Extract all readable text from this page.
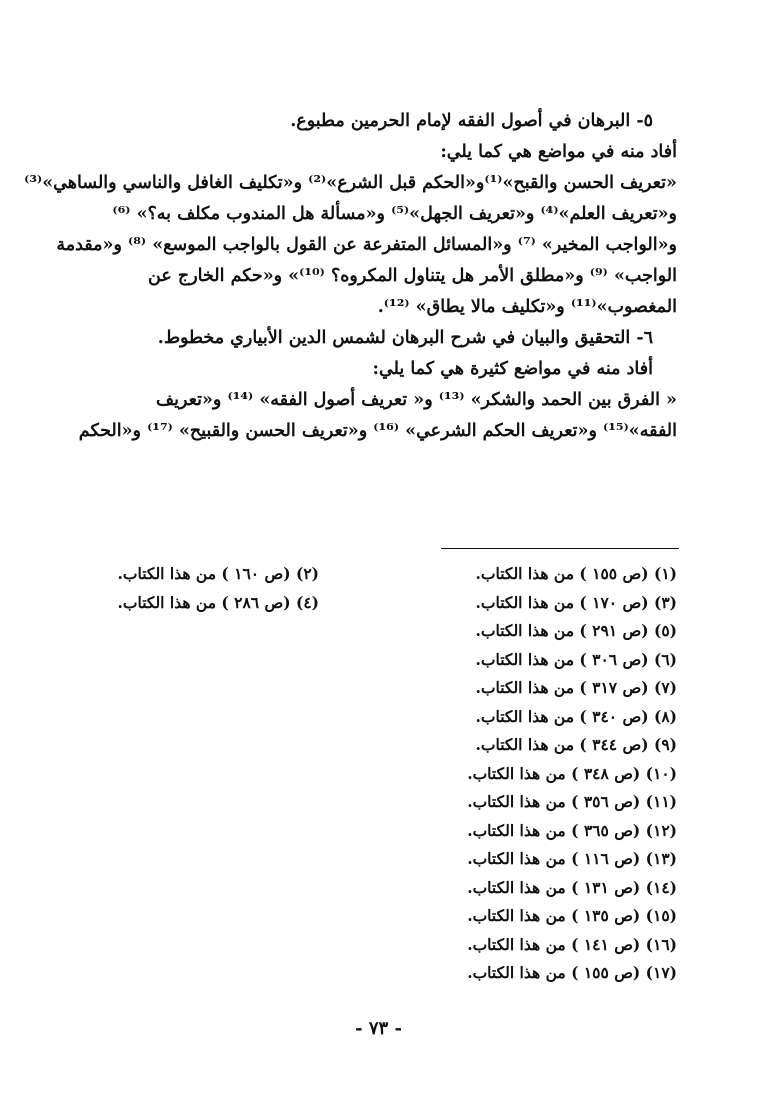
٥- البرهان في أصول الفقه لإمام الحرمين مطبوع.
أفاد منه في مواضع هي كما يلي:
«تعريف الحسن والقبح»⁽¹⁾و«الحكم قبل الشرع»⁽²⁾ و«تكليف الغافل والناسي والساهي»⁽³⁾
و«تعريف العلم»⁽⁴⁾ و«تعريف الجهل»⁽⁵⁾ و«مسألة هل المندوب مكلف به؟» ⁽⁶⁾
و«الواجب المخير» ⁽⁷⁾ و«المسائل المتفرعة عن القول بالواجب الموسع» ⁽⁸⁾ و«مقدمة
الواجب» ⁽⁹⁾ و«مطلق الأمر هل يتناول المكروه؟ ⁽¹⁰⁾» و«حكم الخارج عن
المغصوب»⁽¹¹⁾ و«تكليف مالا يطاق» ⁽¹²⁾.
٦- التحقيق والبيان في شرح البرهان لشمس الدين الأبياري مخطوط.
أفاد منه في مواضع كثيرة هي كما يلي:
« الفرق بين الحمد والشكر» ⁽¹³⁾ و« تعريف أصول الفقه» ⁽¹⁴⁾ و«تعريف
الفقه»⁽¹⁵⁾ و«تعريف الحكم الشرعي» ⁽¹⁶⁾ و«تعريف الحسن والقبيح» ⁽¹⁷⁾ و«الحكم
(١) (ص ١٥٥ ) من هذا الكتاب.
(٣) (ص ١٧٠ ) من هذا الكتاب.
(٥) (ص ٢٩١ ) من هذا الكتاب.
(٦) (ص ٣٠٦ ) من هذا الكتاب.
(٧) (ص ٣١٧ ) من هذا الكتاب.
(٨) (ص ٣٤٠ ) من هذا الكتاب.
(٩) (ص ٣٤٤ ) من هذا الكتاب.
(١٠) (ص ٣٤٨ ) من هذا الكتاب.
(١١) (ص ٣٥٦ ) من هذا الكتاب.
(١٢) (ص ٣٦٥ ) من هذا الكتاب.
(١٣) (ص ١١٦ ) من هذا الكتاب.
(١٤) (ص ١٣١ ) من هذا الكتاب.
(١٥) (ص ١٣٥ ) من هذا الكتاب.
(١٦) (ص ١٤١ ) من هذا الكتاب.
(١٧) (ص ١٥٥ ) من هذا الكتاب.
(٢) (ص ١٦٠ ) من هذا الكتاب.
(٤) (ص ٢٨٦ ) من هذا الكتاب.
- ٧٣ -
